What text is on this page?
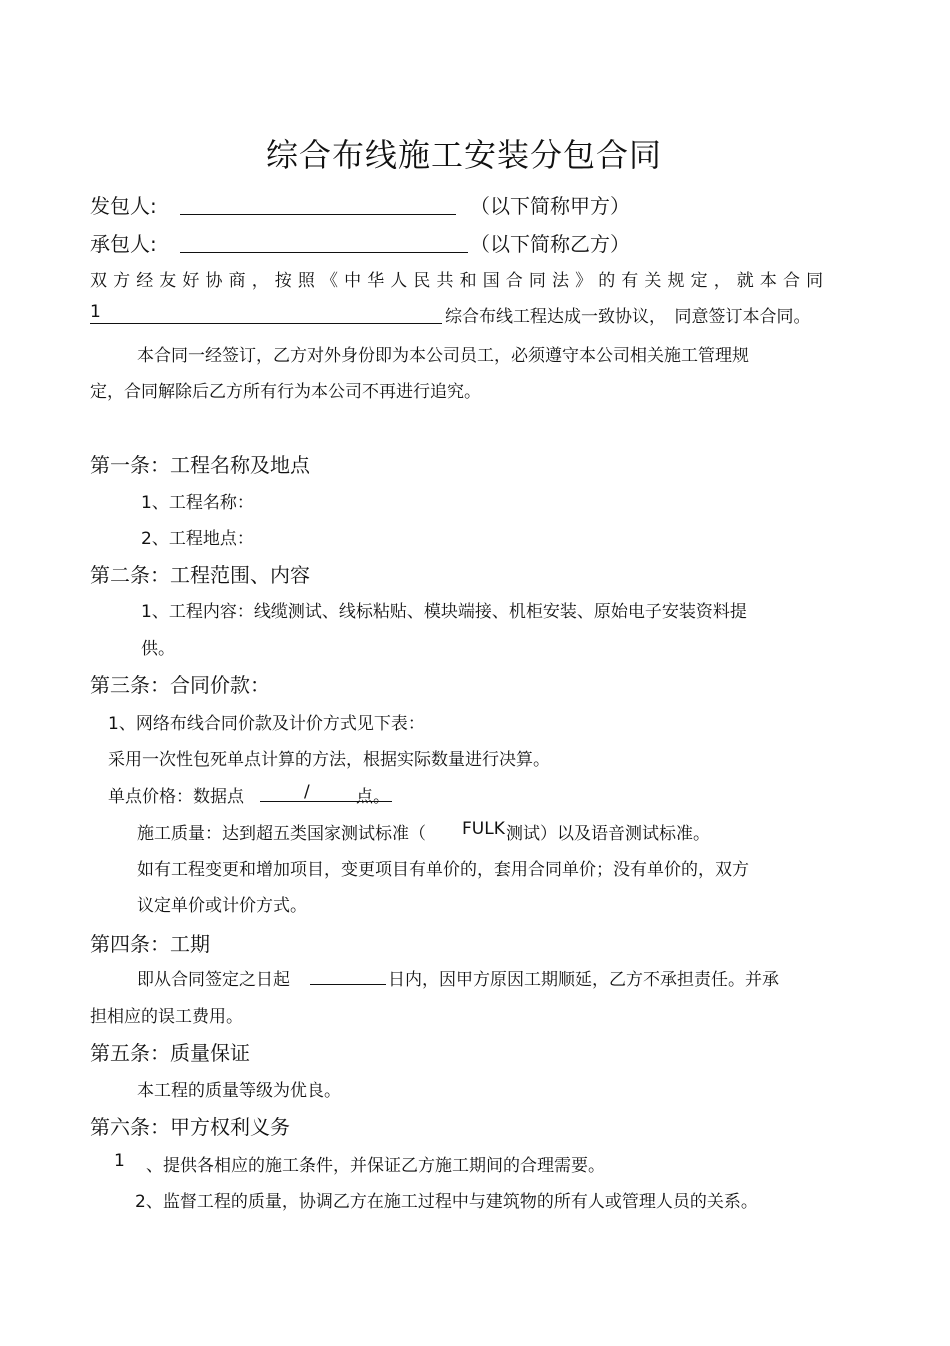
综合布线施工安装分包合同
发包人:	（以下简称甲方）
承包人:	（以下简称乙方）
双方经友好协商，按照《中华人民共和国合同法》的有关规定，就本合同
1	综合布线工程达成一致协议，　同意签订本合同。
本合同一经签订，乙方对外身份即为本公司员工，必须遵守本公司相关施工管理规
定，合同解除后乙方所有行为本公司不再进行追究。
第一条：工程名称及地点
1、工程名称：
2、工程地点：
第二条：工程范围、内容
1、工程内容：线缆测试、线标粘贴、模块端接、机柜安装、原始电子安装资料提
供。
第三条：合同价款：
1、网络布线合同价款及计价方式见下表：
采用一次性包死单点计算的方法，根据实际数量进行决算。
单点价格：数据点	/	点。
施工质量：达到超五类国家测试标准（ FULK 测试）以及语音测试标准。
如有工程变更和增加项目，变更项目有单价的，套用合同单价；没有单价的，双方
议定单价或计价方式。
第四条：工期
即从合同签定之日起	日内，因甲方原因工期顺延，乙方不承担责任。并承
担相应的误工费用。
第五条：质量保证
本工程的质量等级为优良。
第六条：甲方权利义务
1 、提供各相应的施工条件，并保证乙方施工期间的合理需要。
2、监督工程的质量，协调乙方在施工过程中与建筑物的所有人或管理人员的关系。
